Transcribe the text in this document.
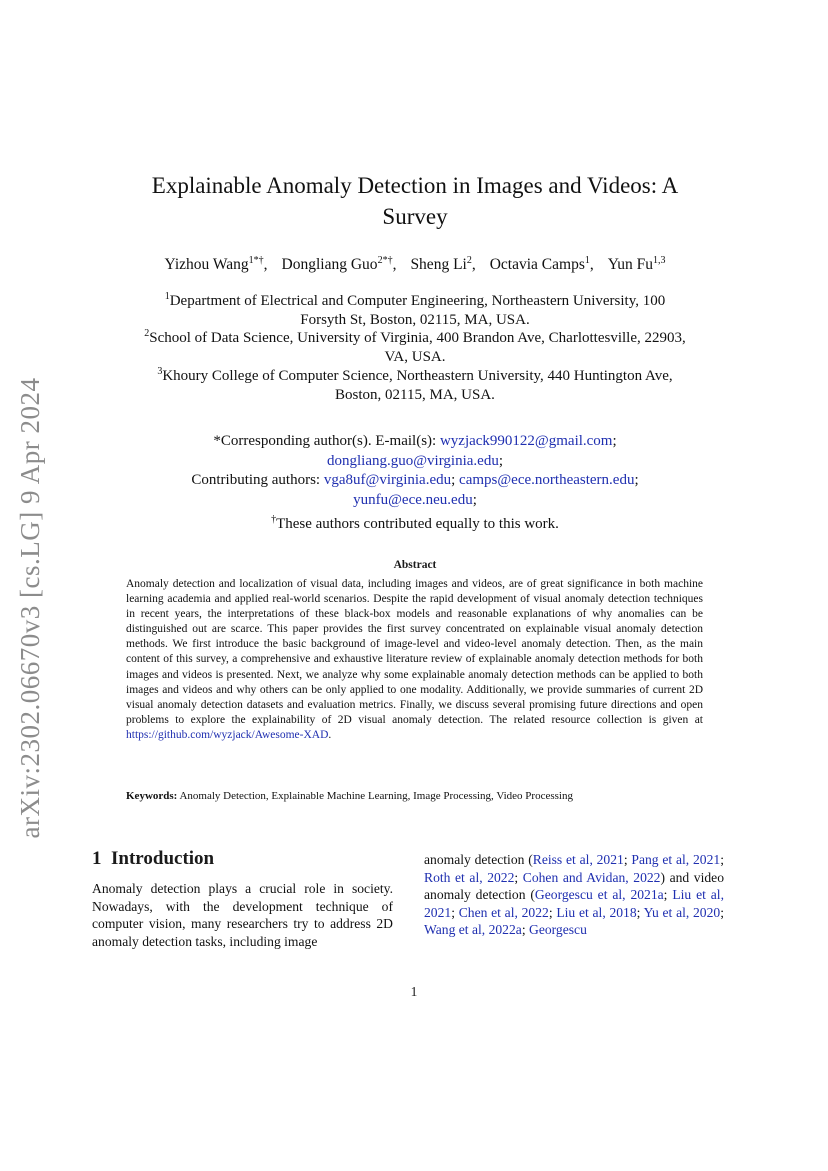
arXiv:2302.06670v3 [cs.LG] 9 Apr 2024
Explainable Anomaly Detection in Images and Videos: A
Survey
Yizhou Wang$^{1*\dagger}$, Dongliang Guo$^{2*\dagger}$, Sheng Li$^2$, Octavia Camps$^1$, Yun Fu$^{1,3}$
$^1$Department of Electrical and Computer Engineering, Northeastern University, 100
Forsyth St, Boston, 02115, MA, USA.
$^2$School of Data Science, University of Virginia, 400 Brandon Ave, Charlottesville, 22903,
VA, USA.
$^3$Khoury College of Computer Science, Northeastern University, 440 Huntington Ave,
Boston, 02115, MA, USA.
*Corresponding author(s). E-mail(s): wyzjack990122@gmail.com;
dongliang.guo@virginia.edu;
Contributing authors: vga8uf@virginia.edu; camps@ece.northeastern.edu;
yunfu@ece.neu.edu;
†These authors contributed equally to this work.
Abstract
Anomaly detection and localization of visual data, including images and videos, are of great significance in both machine learning academia and applied real-world scenarios. Despite the rapid development of visual anomaly detection techniques in recent years, the interpretations of these black-box models and reasonable explanations of why anomalies can be distinguished out are scarce. This paper provides the first survey concentrated on explainable visual anomaly detection methods. We first introduce the basic background of image-level and video-level anomaly detection. Then, as the main content of this survey, a comprehensive and exhaustive literature review of explainable anomaly detection methods for both images and videos is presented. Next, we analyze why some explainable anomaly detection methods can be applied to both images and videos and why others can be only applied to one modality. Additionally, we provide summaries of current 2D visual anomaly detection datasets and evaluation metrics. Finally, we discuss several promising future directions and open problems to explore the explainability of 2D visual anomaly detection. The related resource collection is given at https://github.com/wyzjack/Awesome-XAD.
Keywords: Anomaly Detection, Explainable Machine Learning, Image Processing, Video Processing
1 Introduction
Anomaly detection plays a crucial role in society. Nowadays, with the development technique of computer vision, many researchers try to address 2D anomaly detection tasks, including image
anomaly detection (Reiss et al, 2021; Pang et al, 2021; Roth et al, 2022; Cohen and Avidan, 2022) and video anomaly detection (Georgescu et al, 2021a; Liu et al, 2021; Chen et al, 2022; Liu et al, 2018; Yu et al, 2020; Wang et al, 2022a; Georgescu
1
